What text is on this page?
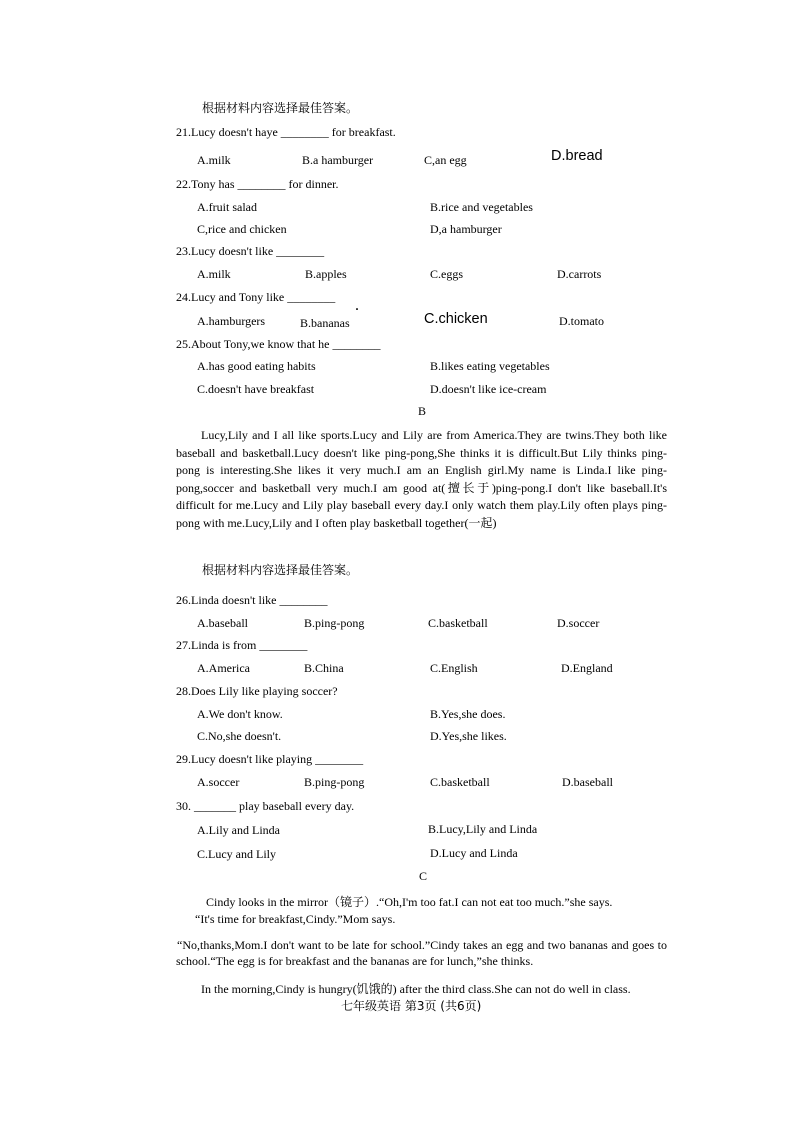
根据材料内容选择最佳答案。
21.Lucy doesn't haye ________ for breakfast.
A.milk	B.a hamburger	C,an egg	D.bread
22.Tony has ________ for dinner.
A.fruit salad	B.rice and vegetables
C,rice and chicken	D,a hamburger
23.Lucy doesn't like ________
A.milk	B.apples	C.eggs	D.carrots
24.Lucy and Tony like ________
A.hamburgers	B.bananas
·
C.chicken	D.tomato
25.About Tony,we know that he ________
A.has good eating habits	B.likes eating vegetables
C.doesn't have breakfast	D.doesn't like ice-cream
B

Lucy,Lily and I all like sports.Lucy and Lily are from America.They are twins.They both like baseball and basketball.Lucy doesn't like ping-pong,She thinks it is difficult.But Lily thinks ping-pong is interesting.She likes it very much.I am an English girl.My name is Linda.I like ping-pong,soccer and basketball very much.I am good at(擅长于)ping-pong.I don't like baseball.It's difficult for me.Lucy and Lily play baseball every day.I only watch them play.Lily often plays ping-pong with me.Lucy,Lily and I often play basketball together(一起)

根据材料内容选择最佳答案。
26.Linda doesn't like ________
A.baseball	B.ping-pong	C.basketball	D.soccer
27.Linda is from ________
A.America	B.China	C.English	D.England
28.Does Lily like playing soccer?
A.We don't know.	B.Yes,she does.
C.No,she doesn't.	D.Yes,she likes.
29.Lucy doesn't like playing ________
A.soccer	B.ping-pong	C.basketball	D.baseball
30. _______ play baseball every day.
A.Lily and Linda	B.Lucy,Lily and Linda
C.Lucy and Lily	D.Lucy and Linda
C
Cindy looks in the mirror（镜子）.“Oh,I'm too fat.I can not eat too much.”she says.
“It's time for breakfast,Cindy.”Mom says.

“No,thanks,Mom.I don't want to be late for school.”Cindy takes an egg and two bananas and goes to school.“The egg is for breakfast and the bananas are for lunch,”she thinks.

In the morning,Cindy is hungry(饥饿的) after the third class.She can not do well in class.
七年级英语 第3页 (共6页)
